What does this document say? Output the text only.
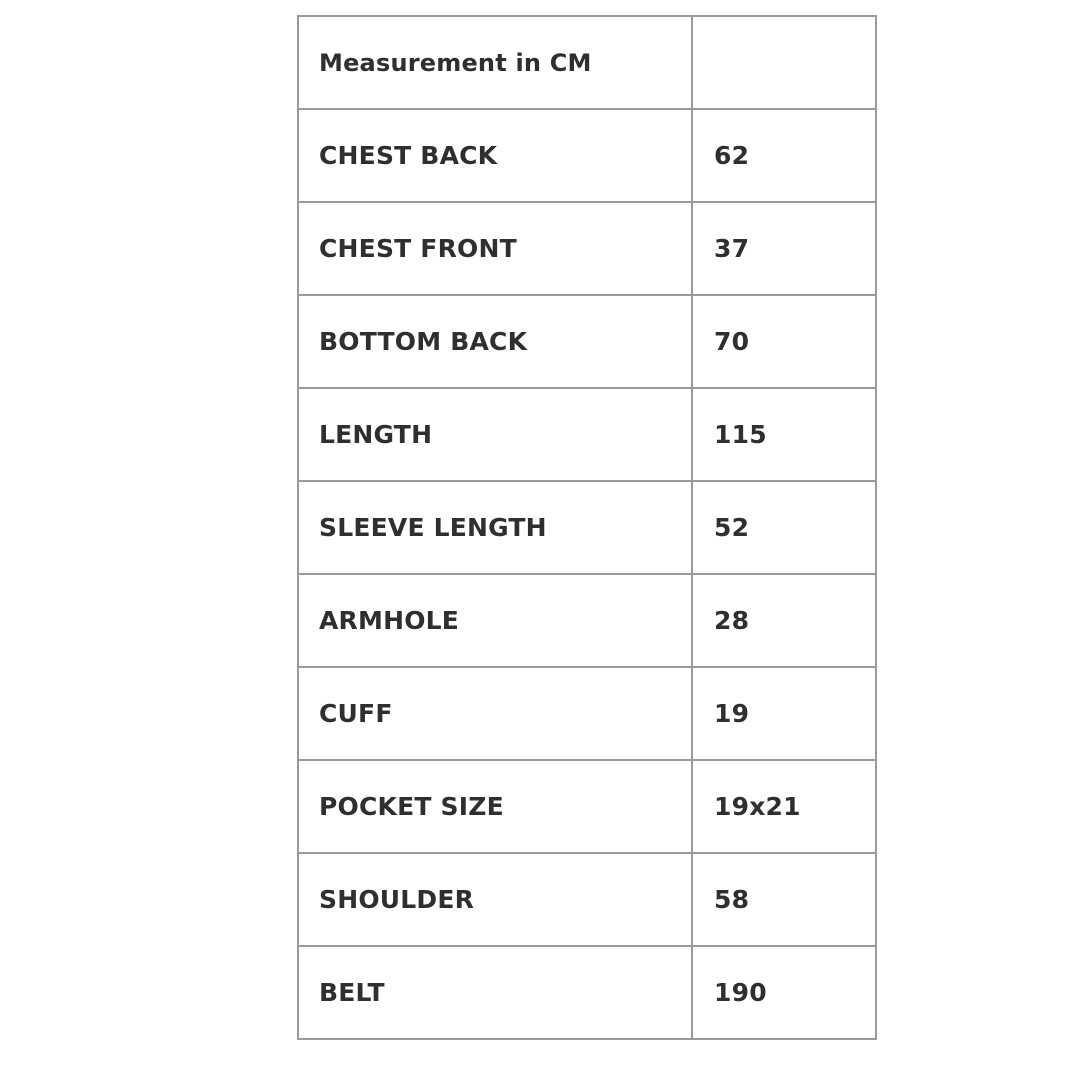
Measurement in CM	
CHEST BACK	62
CHEST FRONT	37
BOTTOM BACK	70
LENGTH	115
SLEEVE LENGTH	52
ARMHOLE	28
CUFF	19
POCKET SIZE	19x21
SHOULDER	58
BELT	190
